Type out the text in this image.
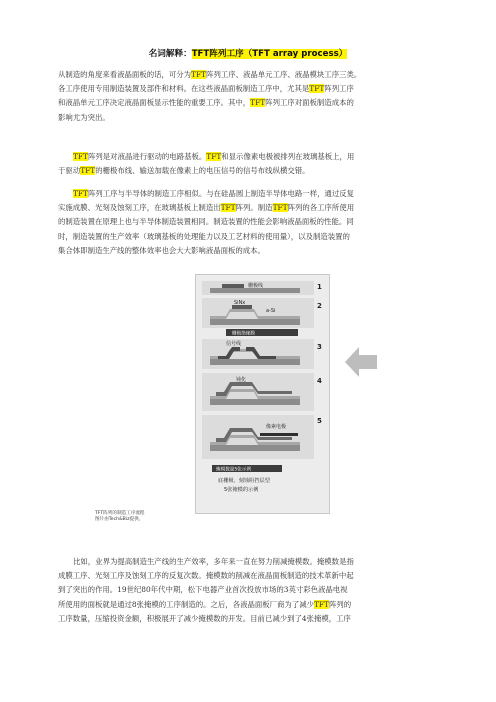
名词解释：TFT阵列工序（TFT array process）
从制造的角度来看液晶面板的话，可分为TFT阵列工序、液晶单元工序、液晶模块工序三类。
各工序使用专用制造装置及部件和材料。在这些液晶面板制造工序中，尤其是TFT阵列工序
和液晶单元工序决定液晶面板显示性能的重要工序。其中，TFT阵列工序对面板制造成本的
影响尤为突出。
TFT阵列是对液晶进行驱动的电路基板。TFT和显示像素电极被排列在玻璃基板上，用
于驱动TFT的栅极布线、输送加载在像素上的电压信号的信号布线纵横交错。
TFT阵列工序与半导体的制造工序相似。与在硅晶圆上制造半导体电路一样，通过反复
实施成膜、光刻及蚀刻工序，在玻璃基板上制造出TFT阵列。制造TFT阵列的各工序所使用
的制造装置在原理上也与半导体制造装置相同。制造装置的性能会影响液晶面板的性能。同
时，制造装置的生产效率（玻璃基板的处理能力以及工艺材料的使用量），以及制造装置的
集合体即制造生产线的整体效率也会大大影响液晶面板的成本。
栅极线	1
SiNx
a-Si
2
栅极绝缘膜
信号线	3
钝化	4
像素电极
5
掩模数量5张示例
底栅极、刻蚀阻挡层型
5张掩模的示例
TFT阵列的制造工序流程
图片由Tech&Biz提供。
比如，业界为提高制造生产线的生产效率，多年来一直在努力削减掩模数。掩模数是指
成膜工序、光刻工序及蚀刻工序的反复次数。掩模数的削减在液晶面板制造的技术革新中起
到了突出的作用。19世纪80年代中期，松下电器产业首次投放市场的3英寸彩色液晶电视
所使用的面板就是通过8张掩模的工序制造的。之后，各液晶面板厂商为了减少TFT阵列的
工序数量，压缩投资金额，积极展开了减少掩模数的开发。目前已减少到了4张掩模，工序
